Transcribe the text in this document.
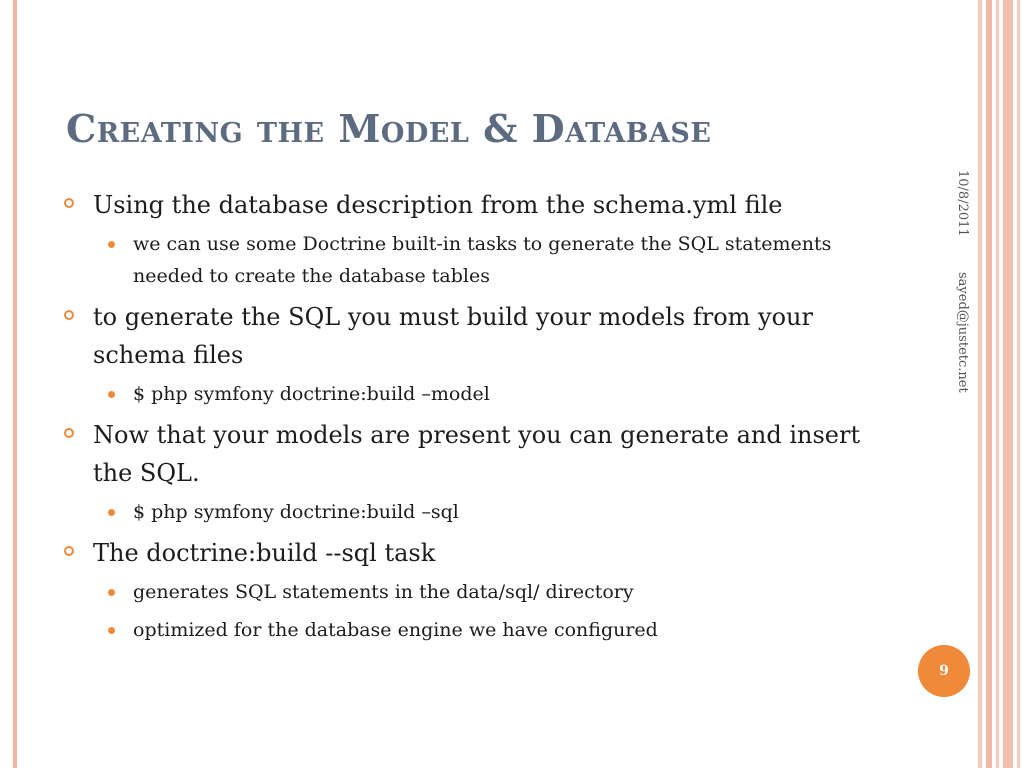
Creating the Model & Database
Using the database description from the schema.yml file
we can use some Doctrine built-in tasks to generate the SQL statements needed to create the database tables
to generate the SQL you must build your models from your schema files
$ php symfony doctrine:build –model
Now that your models are present you can generate and insert the SQL.
$ php symfony doctrine:build –sql
The doctrine:build --sql task
generates SQL statements in the data/sql/ directory
optimized for the database engine we have configured
10/8/2011
sayed@justetc.net
9
